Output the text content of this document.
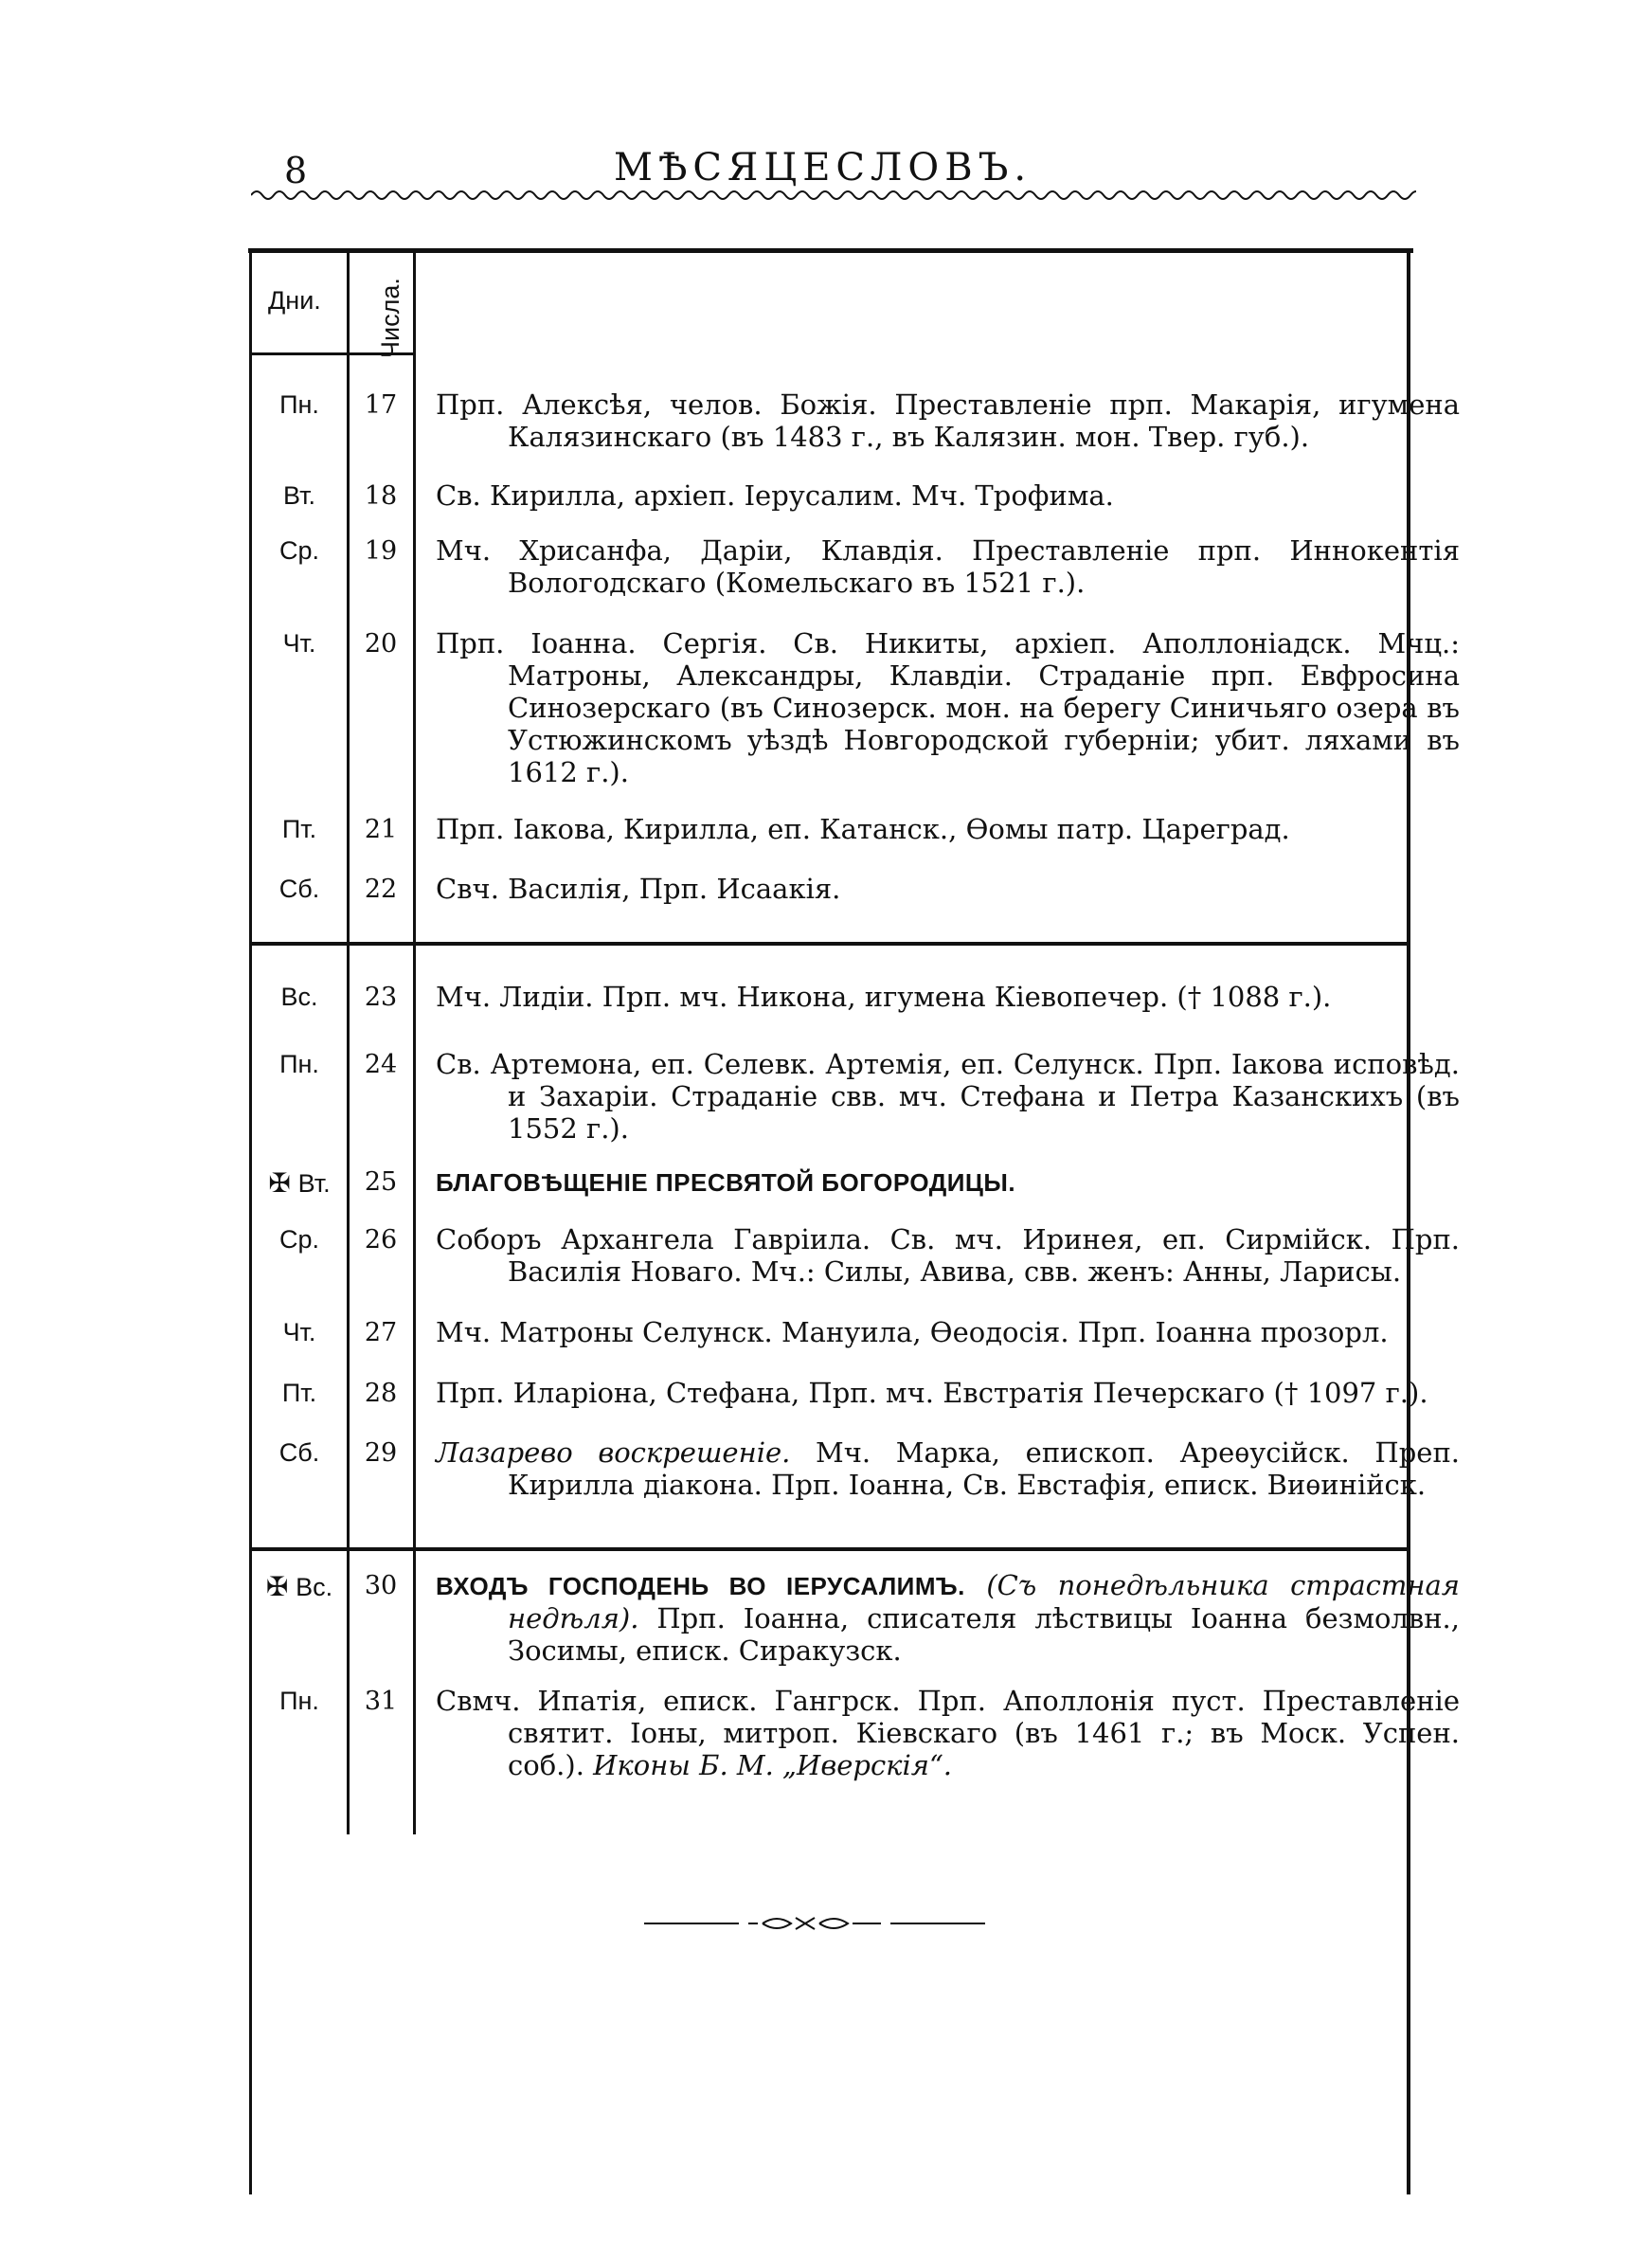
8	МѢСЯЦЕСЛОВЪ.
Дни. Числа.
Пн.	17	Прп. Алексѣя, челов. Божія. Преставленіе прп. Макарія, игумена Калязинскаго (въ 1483 г., въ Калязин. мон. Твер. губ.).
Вт.	18	Св. Кирилла, архіеп. Іерусалим. Мч. Трофима.
Ср.	19	Мч. Хрисанфа, Даріи, Клавдія. Преставленіе прп. Иннокентія Вологодскаго (Комельскаго въ 1521 г.).
Чт.	20	Прп. Іоанна. Сергія. Св. Никиты, архіеп. Аполлоніадск. Мчц.: Матроны, Александры, Клавдіи. Страданіе прп. Евфросина Синозерскаго (въ Синозерск. мон. на берегу Синичьяго озера въ Устюжинскомъ уѣздѣ Новгородской губерніи; убит. ляхами въ 1612 г.).
Пт.	21	Прп. Іакова, Кирилла, еп. Катанск., Ѳомы патр. Цареград.
Сб.	22	Свч. Василія, Прп. Исаакія.
Вс.	23	Мч. Лидіи. Прп. мч. Никона, игумена Кіевопечер. († 1088 г.).
Пн.	24	Св. Артемона, еп. Селевк. Артемія, еп. Селунск. Прп. Іакова исповѣд. и Захаріи. Страданіе свв. мч. Стефана и Петра Казанскихъ (въ 1552 г.).
✠ Вт.	25	БЛАГОВѢЩЕНІЕ ПРЕСВЯТОЙ БОГОРОДИЦЫ.
Ср.	26	Соборъ Архангела Гавріила. Св. мч. Иринея, еп. Сирмійск. Прп. Василія Новаго. Мч.: Силы, Авива, свв. женъ: Анны, Ларисы.
Чт.	27	Мч. Матроны Селунск. Мануила, Ѳеодосія. Прп. Іоанна прозорл.
Пт.	28	Прп. Иларіона, Стефана, Прп. мч. Евстратія Печерскаго († 1097 г.).
Сб.	29	Лазарево воскрешеніе. Мч. Марка, епископ. Ареѳусійск. Преп. Кирилла діакона. Прп. Іоанна, Св. Евстафія, еписк. Виѳинійск.
✠ Вс.	30	ВХОДЪ ГОСПОДЕНЬ ВО ІЕРУСАЛИМЪ. (Съ понедѣльника страстная недѣля). Прп. Іоанна, списателя лѣствицы Іоанна безмолвн., Зосимы, еписк. Сиракузск.
Пн.	31	Свмч. Ипатія, еписк. Гангрск. Прп. Аполлонія пуст. Преставленіе святит. Іоны, митроп. Кіевскаго (въ 1461 г.; въ Моск. Успен. соб.). Иконы Б. М. „Иверскія“.
